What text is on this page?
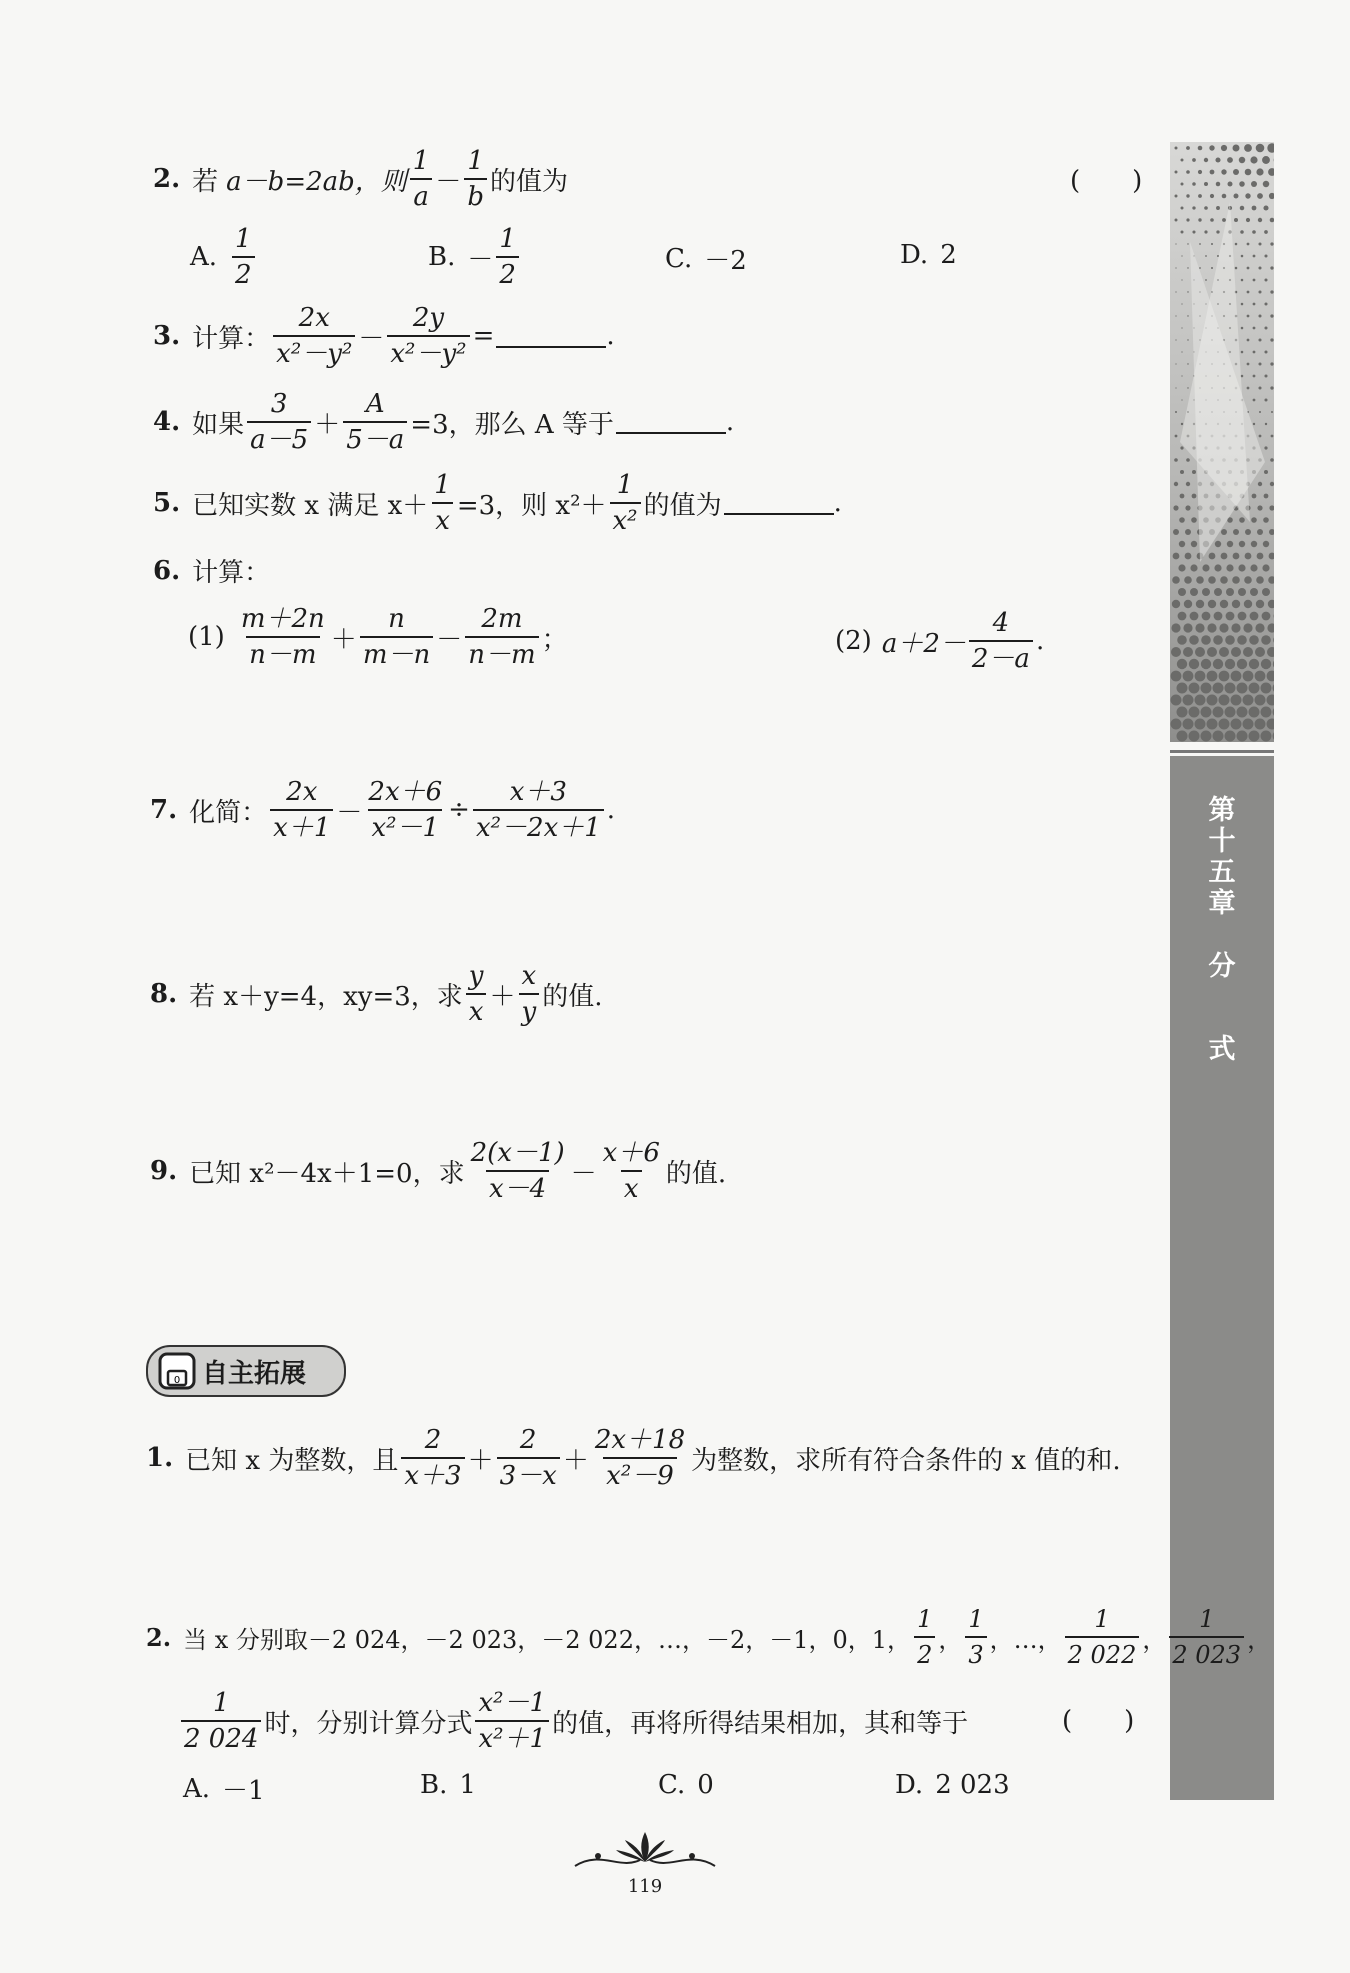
第
十
五
章
分
式
2. 若 a－b=2ab，则 $\frac{1}{a} - \frac{1}{b}$ 的值为	(　　)
A. $\frac{1}{2}$	B. － $\frac{1}{2}$	C. －2	D. 2
3. 计算： $\frac{2x}{\text{x²－y²}} - \frac{2y}{\text{x²－y²}}$ =	.
4. 如果 $\frac{3}{a-5} + \frac{A}{5-a} =3$，那么 A 等于	.
5. 已知实数 x 满足 $x+ \frac{1}{x} =3$，则 $x^2+ \frac{1}{\text{x²}}$ 的值为	.
6. 计算：
$(1) \frac{m+2n}{n-m} + \frac{n}{m-n} - \frac{2m}{n-m}$ ；	(2) $a+2- \frac{4}{2-a}$ .
7. 化简： $\frac{2x}{x+1} - \frac{2x+6}{\text{x²－1}} \div \frac{x+3}{\text{x²－2x＋1}}$ .
8. 若 x＋y=4，xy=3，求 $\frac{y}{x} + \frac{x}{y}$ 的值.
9. 已知 x²－4x＋1=0，求 $\frac{2(x-1)}{x-4} - \frac{x+6}{x}$ 的值.
0 自主拓展
1. 已知 x 为整数，且 $\frac{2}{x+3} + \frac{2}{3-x} + \frac{2x+18}{\text{x²－9}}$ 为整数，求所有符合条件的 x 值的和.
2. 当 x 分别取－2 024，－2 023，－2 022，…，－2，－1，0，1， $\frac{1}{2}$ ， $\frac{1}{3}$ ，…， $\frac{1}{2 022}$ ， $\frac{1}{2 023}$ ，
$\frac{1}{2 024}$ 时，分别计算分式 $\frac{\text{x²－1}}{\text{x²＋1}}$ 的值，再将所得结果相加，其和等于	(　　)
A. －1	B. 1	C. 0	D. 2 023
119
